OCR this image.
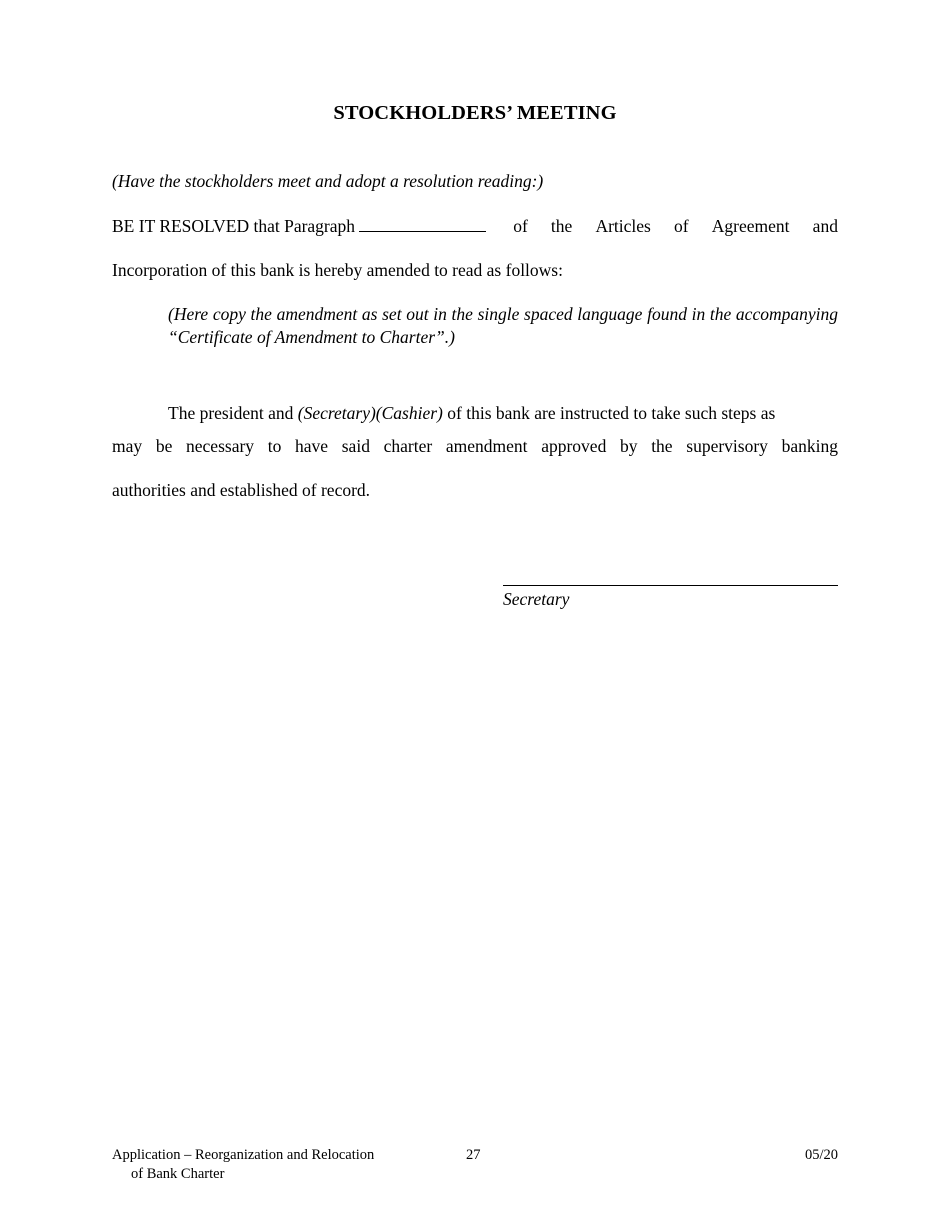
STOCKHOLDERS’ MEETING
(Have the stockholders meet and adopt a resolution reading:)
BE IT RESOLVED that Paragraph	of the Articles of Agreement and
Incorporation of this bank is hereby amended to read as follows:
(Here copy the amendment as set out in the single spaced language found in the accompanying “Certificate of Amendment to Charter”.)
The president and (Secretary)(Cashier) of this bank are instructed to take such steps as
may be necessary to have said charter amendment approved by the supervisory banking
authorities and established of record.
Secretary
Application – Reorganization and Relocation
of Bank Charter
27	05/20
